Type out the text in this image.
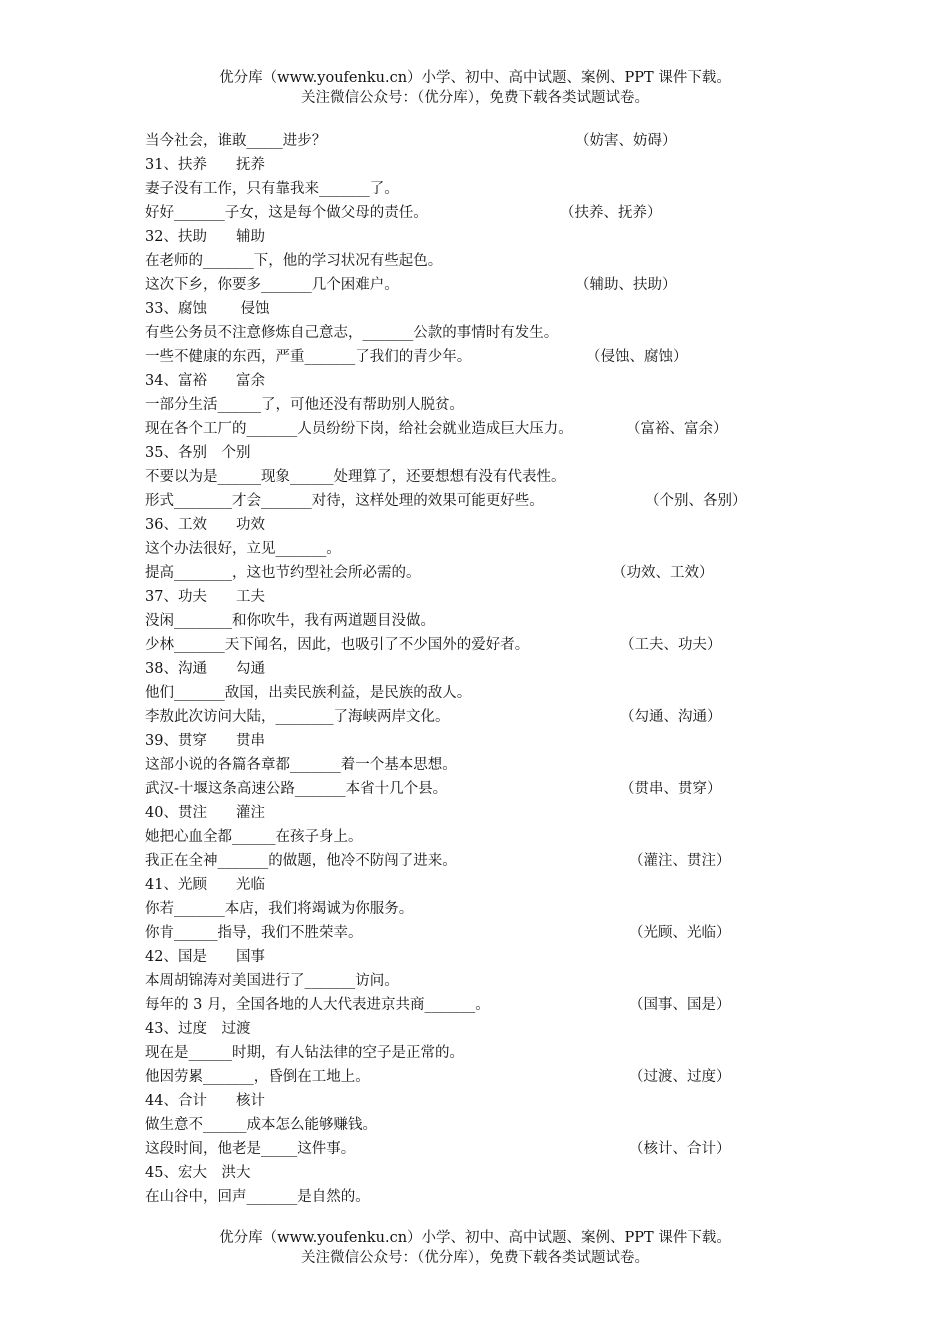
优分库（www.youfenku.cn）小学、初中、高中试题、案例、PPT 课件下载。
关注微信公众号：（优分库），免费下载各类试题试卷。
当今社会，谁敢_____进步？	（妨害、妨碍）
31、扶养　　抚养
妻子没有工作，只有靠我来_______了。
好好_______子女，这是每个做父母的责任。	（扶养、抚养）
32、扶助　　辅助
在老师的_______下，他的学习状况有些起色。
这次下乡，你要多_______几个困难户。	（辅助、扶助）
33、腐蚀　　 侵蚀
有些公务员不注意修炼自己意志，_______公款的事情时有发生。
一些不健康的东西，严重_______了我们的青少年。	（侵蚀、腐蚀）
34、富裕　　富余
一部分生活______了，可他还没有帮助别人脱贫。
现在各个工厂的_______人员纷纷下岗，给社会就业造成巨大压力。	（富裕、富余）
35、各别　个别
不要以为是______现象______处理算了，还要想想有没有代表性。
形式________才会_______对待，这样处理的效果可能更好些。	（个别、各别）
36、工效　　功效
这个办法很好，立见_______。
提高________，这也节约型社会所必需的。	（功效、工效）
37、功夫　　工夫
没闲________和你吹牛，我有两道题目没做。
少林_______天下闻名，因此，也吸引了不少国外的爱好者。	（工夫、功夫）
38、沟通　　勾通
他们_______敌国，出卖民族利益，是民族的敌人。
李敖此次访问大陆，________了海峡两岸文化。	（勾通、沟通）
39、贯穿　　贯串
这部小说的各篇各章都_______着一个基本思想。
武汉-十堰这条高速公路_______本省十几个县。	（贯串、贯穿）
40、贯注　　灌注
她把心血全都______在孩子身上。
我正在全神_______的做题，他冷不防闯了进来。	（灌注、贯注）
41、光顾　　光临
你若_______本店，我们将竭诚为你服务。
你肯______指导，我们不胜荣幸。	（光顾、光临）
42、国是　　国事
本周胡锦涛对美国进行了_______访问。
每年的 3 月，全国各地的人大代表进京共商_______。	（国事、国是）
43、过度　过渡
现在是______时期，有人钻法律的空子是正常的。
他因劳累_______，昏倒在工地上。	（过渡、过度）
44、合计　　核计
做生意不______成本怎么能够赚钱。
这段时间，他老是_____这件事。	（核计、合计）
45、宏大　洪大
在山谷中，回声_______是自然的。
优分库（www.youfenku.cn）小学、初中、高中试题、案例、PPT 课件下载。
关注微信公众号：（优分库），免费下载各类试题试卷。
